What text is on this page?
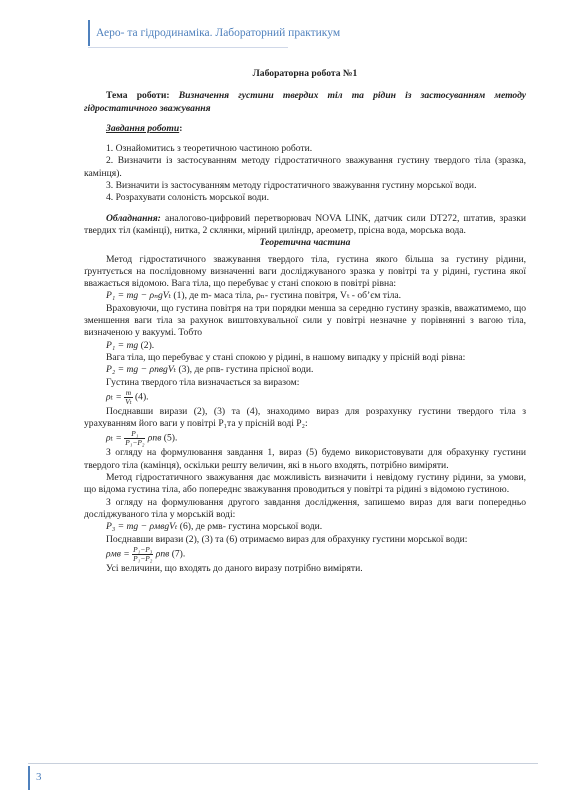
Аеро- та гідродинаміка. Лабораторний практикум

Лабораторна робота №1

Тема роботи: Визначення густини твердих тіл та рідин із застосуванням методу гідростатичного зважування

Завдання роботи:

1. Ознайомитись з теоретичною частиною роботи.

2. Визначити із застосуванням методу гідростатичного зважування густину твердого тіла (зразка, камінця).

3. Визначити із застосуванням методу гідростатичного зважування густину морської води.

4. Розрахувати солоність морської води.

Обладнання: аналогово-цифровий перетворювач NOVA LINK, датчик сили DT272, штатив, зразки твердих тіл (камінці), нитка, 2 склянки, мірний циліндр, ареометр, прісна вода, морська вода.

Теоретична частина

Метод гідростатичного зважування твердого тіла, густина якого більша за густину рідини, ґрунтується на послідовному визначенні ваги досліджуваного зразка у повітрі та у рідині, густина якої вважається відомою. Вага тіла, що перебуває у стані спокою в повітрі рівна:

P₁ = mg − ρₙgVₜ (1), де m- маса тіла, ρₙ- густина повітря, Vₜ - об’єм тіла.

Враховуючи, що густина повітря на три порядки менша за середню густину зразків, вважатимемо, що зменшення ваги тіла за рахунок виштовхувальної сили у повітрі незначне у порівнянні з вагою тіла, визначеною у вакуумі. Тобто

P₁ = mg (2).

Вага тіла, що перебуває у стані спокою у рідині, в нашому випадку у прісній воді рівна:

P₂ = mg − ρпвgVₜ (3), де ρпв- густина прісної води.

Густина твердого тіла визначається за виразом:

$\rho_t = \frac{m}{\text{Vₜ}} (4)$.

Поєднавши вирази (2), (3) та (4), знаходимо вираз для розрахунку густини твердого тіла з урахуванням його ваги у повітрі P₁та у прісній воді P₂:

$\rho_t = \frac{\text{P₁}}{\text{P₁−P₂}}$ ρпв (5).

З огляду на формулювання завдання 1, вираз (5) будемо використовувати для обрахунку густини твердого тіла (камінця), оскільки решту величин, які в нього входять, потрібно виміряти.

Метод гідростатичного зважування дає можливість визначити і невідому густину рідини, за умови, що відома густина тіла, або попереднє зважування проводиться у повітрі та рідині з відомою густиною.

З огляду на формулювання другого завдання дослідження, запишемо вираз для ваги попередньо досліджуваного тіла у морській воді:

P₃ = mg − ρмвgVₜ (6), де ρмв- густина морської води.

Поєднавши вирази (2), (3) та (6) отримаємо вираз для обрахунку густини морської води:

$\rho мв = \frac{\text{P₁−P₃}}{\text{P₁−P₂}}$ ρпв (7).

Усі величини, що входять до даного виразу потрібно виміряти.

3
